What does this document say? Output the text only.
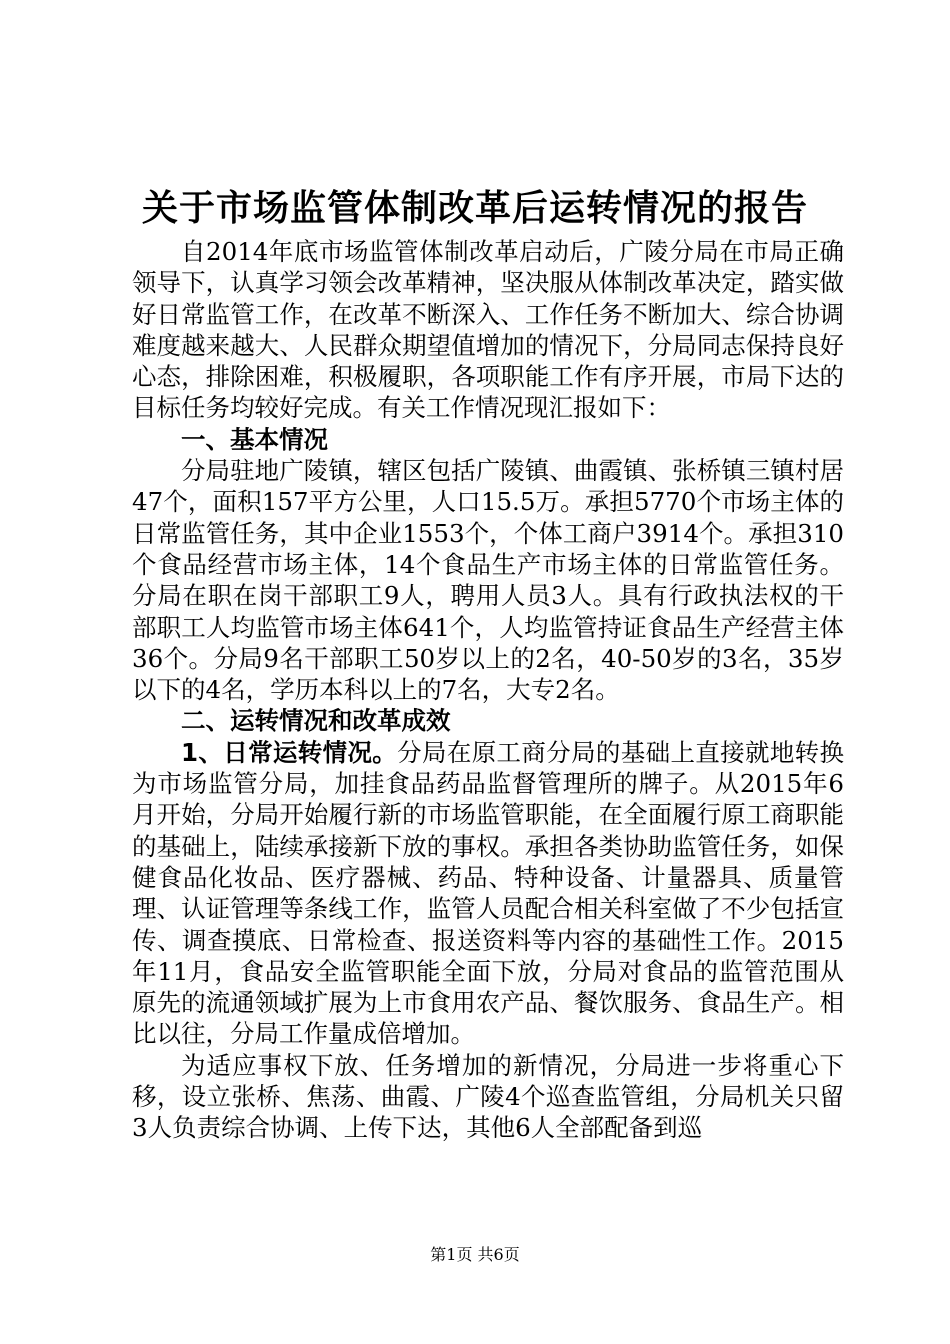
关于市场监管体制改革后运转情况的报告

自2014年底市场监管体制改革启动后，广陵分局在市局正确领导下，认真学习领会改革精神，坚决服从体制改革决定，踏实做好日常监管工作，在改革不断深入、工作任务不断加大、综合协调难度越来越大、人民群众期望值增加的情况下，分局同志保持良好心态，排除困难，积极履职，各项职能工作有序开展，市局下达的目标任务均较好完成。有关工作情况现汇报如下：

一、基本情况

分局驻地广陵镇，辖区包括广陵镇、曲霞镇、张桥镇三镇村居47个，面积157平方公里，人口15.5万。承担5770个市场主体的日常监管任务，其中企业1553个，个体工商户3914个。承担310个食品经营市场主体，14个食品生产市场主体的日常监管任务。分局在职在岗干部职工9人，聘用人员3人。具有行政执法权的干部职工人均监管市场主体641个，人均监管持证食品生产经营主体36个。分局9名干部职工50岁以上的2名，40-50岁的3名，35岁以下的4名，学历本科以上的7名，大专2名。

二、运转情况和改革成效

1、日常运转情况。分局在原工商分局的基础上直接就地转换为市场监管分局，加挂食品药品监督管理所的牌子。从2015年6月开始，分局开始履行新的市场监管职能，在全面履行原工商职能的基础上，陆续承接新下放的事权。承担各类协助监管任务，如保健食品化妆品、医疗器械、药品、特种设备、计量器具、质量管理、认证管理等条线工作，监管人员配合相关科室做了不少包括宣传、调查摸底、日常检查、报送资料等内容的基础性工作。2015年11月，食品安全监管职能全面下放，分局对食品的监管范围从原先的流通领域扩展为上市食用农产品、餐饮服务、食品生产。相比以往，分局工作量成倍增加。

为适应事权下放、任务增加的新情况，分局进一步将重心下移，设立张桥、焦荡、曲霞、广陵4个巡查监管组，分局机关只留3人负责综合协调、上传下达，其他6人全部配备到巡

第1页 共6页
